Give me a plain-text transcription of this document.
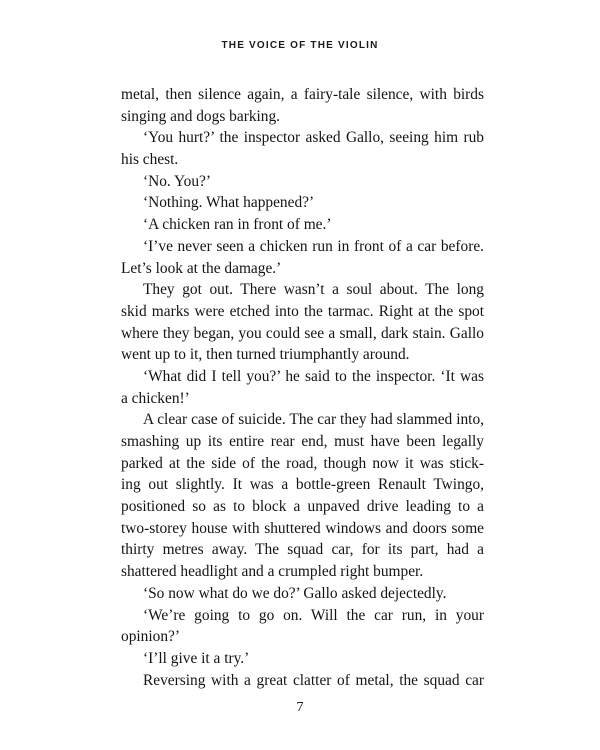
THE VOICE OF THE VIOLIN
metal, then silence again, a fairy-tale silence, with birds
singing and dogs barking.
‘You hurt?’ the inspector asked Gallo, seeing him rub
his chest.
‘No. You?’
‘Nothing. What happened?’
‘A chicken ran in front of me.’
‘I’ve never seen a chicken run in front of a car before.
Let’s look at the damage.’
They got out. There wasn’t a soul about. The long
skid marks were etched into the tarmac. Right at the spot
where they began, you could see a small, dark stain. Gallo
went up to it, then turned triumphantly around.
‘What did I tell you?’ he said to the inspector. ‘It was
a chicken!’
A clear case of suicide. The car they had slammed into,
smashing up its entire rear end, must have been legally
parked at the side of the road, though now it was stick-
ing out slightly. It was a bottle-green Renault Twingo,
positioned so as to block a unpaved drive leading to a
two-storey house with shuttered windows and doors some
thirty metres away. The squad car, for its part, had a
shattered headlight and a crumpled right bumper.
‘So now what do we do?’ Gallo asked dejectedly.
‘We’re going to go on. Will the car run, in your
opinion?’
‘I’ll give it a try.’
Reversing with a great clatter of metal, the squad car
7
